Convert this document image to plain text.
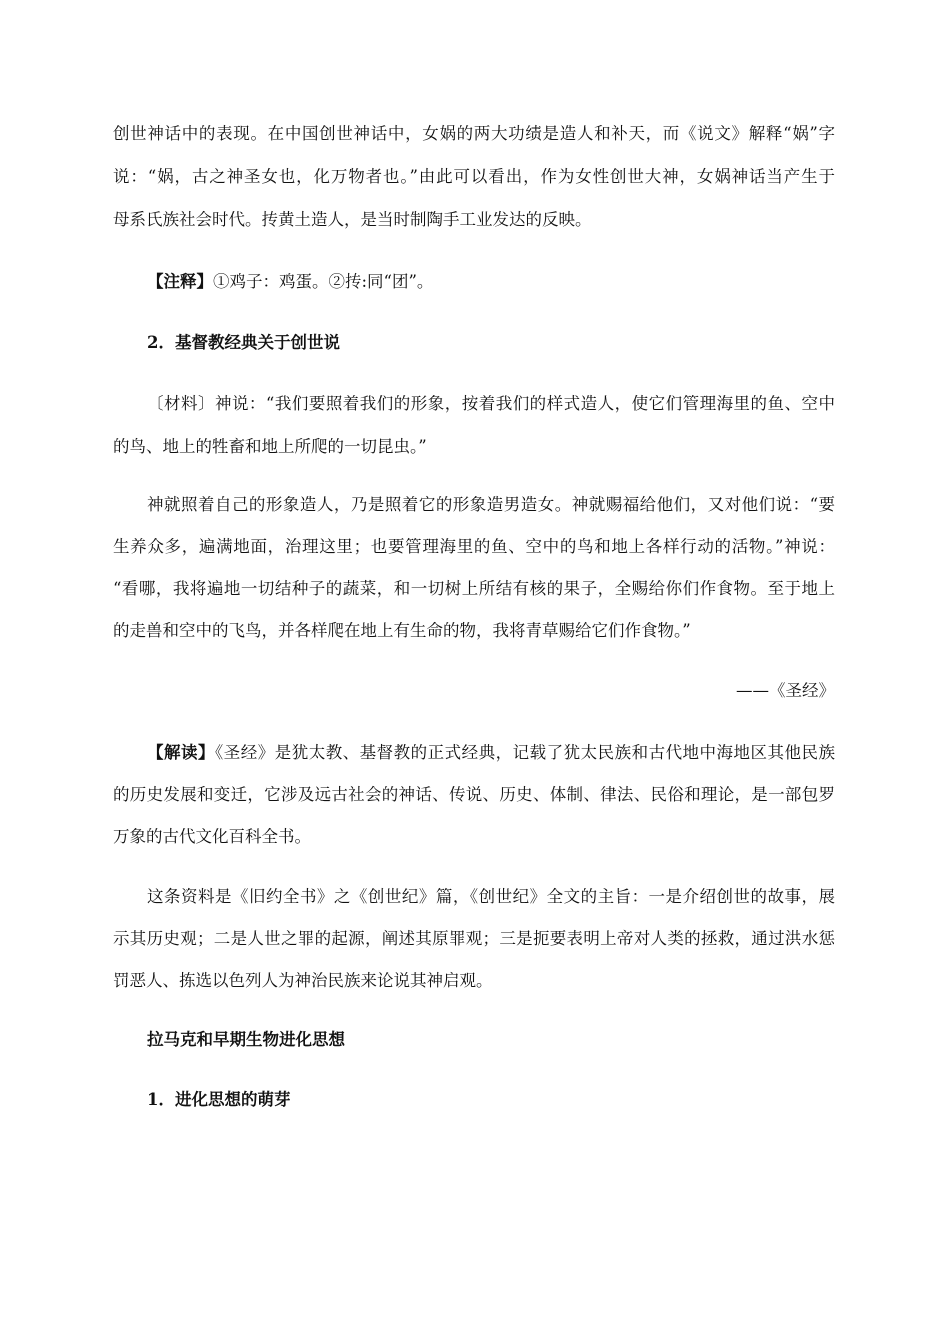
创世神话中的表现。在中国创世神话中，女娲的两大功绩是造人和补天，而《说文》解释“娲”字
说：“娲，古之神圣女也，化万物者也。”由此可以看出，作为女性创世大神，女娲神话当产生于
母系氏族社会时代。抟黄土造人，是当时制陶手工业发达的反映。
【注释】①鸡子：鸡蛋。②抟:同“团”。
2．基督教经典关于创世说
〔材料〕神说：“我们要照着我们的形象，按着我们的样式造人，使它们管理海里的鱼、空中
的鸟、地上的牲畜和地上所爬的一切昆虫。”
神就照着自己的形象造人，乃是照着它的形象造男造女。神就赐福给他们，又对他们说：“要
生养众多，遍满地面，治理这里；也要管理海里的鱼、空中的鸟和地上各样行动的活物。”神说：
“看哪，我将遍地一切结种子的蔬菜，和一切树上所结有核的果子，全赐给你们作食物。至于地上
的走兽和空中的飞鸟，并各样爬在地上有生命的物，我将青草赐给它们作食物。”
——《圣经》
【解读】《圣经》是犹太教、基督教的正式经典，记载了犹太民族和古代地中海地区其他民族
的历史发展和变迁，它涉及远古社会的神话、传说、历史、体制、律法、民俗和理论，是一部包罗
万象的古代文化百科全书。
这条资料是《旧约全书》之《创世纪》篇，《创世纪》全文的主旨：一是介绍创世的故事，展
示其历史观；二是人世之罪的起源，阐述其原罪观；三是扼要表明上帝对人类的拯救，通过洪水惩
罚恶人、拣选以色列人为神治民族来论说其神启观。
拉马克和早期生物进化思想
1．进化思想的萌芽
